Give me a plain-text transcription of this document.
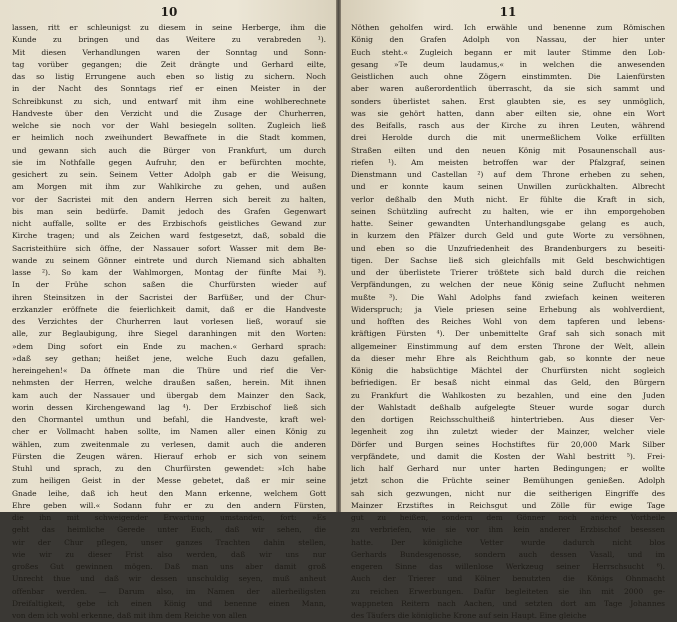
10
lassen, ritt er schleunigst zu diesem in seine Herberge, ihm die
Kunde zu bringen und das Weitere zu verabreden ¹).
Mit diesen Verhandlungen waren der Sonntag und Sonn-
tag vorüber gegangen; die Zeit drängte und Gerhard eilte,
das so listig Errungene auch eben so listig zu sichern. Noch
in der Nacht des Sonntags rief er einen Meister in der
Schreibkunst zu sich, und entwarf mit ihm eine wohlberechnete
Handveste über den Verzicht und die Zusage der Churherren,
welche sie noch vor der Wahl besiegeln sollten. Zugleich ließ
er heimlich noch zweihundert Bewaffnete in die Stadt kommen,
und gewann sich auch die Bürger von Frankfurt, um durch
sie im Nothfalle gegen Aufruhr, den er befürchten mochte,
gesichert zu sein. Seinem Vetter Adolph gab er die Weisung,
am Morgen mit ihm zur Wahlkirche zu gehen, und außen
vor der Sacristei mit den andern Herren sich bereit zu halten,
bis man sein bedürfe. Damit jedoch des Grafen Gegenwart
nicht auffalle, sollte er des Erzbischofs geistliches Gewand zur
Kirche tragen; und als Zeichen ward festgesetzt, daß, sobald die
Sacristeithüre sich öffne, der Nassauer sofort Wasser mit dem Be-
wande zu seinem Gönner eintrete und durch Niemand sich abhalten
lasse ²). So kam der Wahlmorgen, Montag der fünfte Mai ³).
In der Frühe schon saßen die Churfürsten wieder auf
ihren Steinsitzen in der Sacristei der Barfüßer, und der Chur-
erzkanzler eröffnete die feierlichkeit damit, daß er die Handveste
des Verzichtes der Churherren laut vorlesen ließ, worauf sie
alle, zur Beglaubigung, ihre Siegel daranhingen mit den Worten:
»dem Ding sofort ein Ende zu machen.« Gerhard sprach:
»daß sey gethan; heißet jene, welche Euch dazu gefallen,
hereingehen!« Da öffnete man die Thüre und rief die Ver-
nehmsten der Herren, welche draußen saßen, herein. Mit ihnen
kam auch der Nassauer und übergab dem Mainzer den Sack,
worin dessen Kirchengewand lag ⁴). Der Erzbischof ließ sich
den Chormantel umthun und befahl, die Handveste, kraft wel-
cher er Vollmacht haben sollte, im Namen aller einen König zu
wählen, zum zweitenmale zu verlesen, damit auch die anderen
Fürsten die Zeugen wären. Hierauf erhob er sich von seinem
Stuhl und sprach, zu den Churfürsten gewendet: »Ich habe
zum heiligen Geist in der Messe gebetet, daß er mir seine
Gnade leihe, daß ich heut den Mann erkenne, welchem Gott
Ehre geben will.« Sodann fuhr er zu den andern Fürsten,
die ihn mit schweigender Erwartung umstanden, fort: »Es
geht das heimliche Gerede unter Euch, daß wir sehen, die
wir der Chur pflegen, unser ganzes Trachten dahin stellen,
wie wir zu dieser Frist also werden, daß wir uns nur
großes Gut gewinnen mögen. Daß man uns aber damit groß
Unrecht thue und daß wir dessen unschuldig seyen, muß anheut
offenbar werden. — Darum also, im Namen der allerheiligsten
Dreifaltigkeit, gebe ich einen König und benenne einen Mann,
von dem ich wohl erkenne, daß mit ihm dem Reiche von allen
11
Nöthen geholfen wird. Ich erwähle und benenne zum Römischen
König den Grafen Adolph von Nassau, der hier unter
Euch steht.« Zugleich begann er mit lauter Stimme den Lob-
gesang »Te deum laudamus,« in welchen die anwesenden
Geistlichen auch ohne Zögern einstimmten. Die Laienfürsten
aber waren außerordentlich überrascht, da sie sich sammt und
sonders überlistet sahen. Erst glaubten sie, es sey unmöglich,
was sie gehört hatten, dann aber eilten sie, ohne ein Wort
des Beifalls, rasch aus der Kirche zu ihren Leuten, während
drei Herolde durch die mit unermeßlichem Volke erfüllten
Straßen eilten und den neuen König mit Posaunenschall aus-
riefen ¹). Am meisten betroffen war der Pfalzgraf, seinen
Dienstmann und Castellan ²) auf dem Throne erheben zu sehen,
und er konnte kaum seinen Unwillen zurückhalten. Albrecht
verlor deßhalb den Muth nicht. Er fühlte die Kraft in sich,
seinen Schützling aufrecht zu halten, wie er ihn emporgehoben
hatte. Seiner gewandten Unterhandlungsgabe gelang es auch,
in kurzem den Pfälzer durch Geld und gute Worte zu versöhnen,
und eben so die Unzufriedenheit des Brandenburgers zu beseiti-
tigen. Der Sachse ließ sich gleichfalls mit Geld beschwichtigen
und der überlistete Trierer trößtete sich bald durch die reichen
Verpfändungen, zu welchen der neue König seine Zuflucht nehmen
mußte ³). Die Wahl Adolphs fand zwiefach keinen weiteren
Widerspruch; ja Viele priesen seine Erhebung als wohlverdient,
und hofften des Reiches Wohl von dem tapferen und lebens-
kräftigen Fürsten ⁴). Der unbemittelte Graf sah sich sonach mit
allgemeiner Einstimmung auf dem ersten Throne der Welt, allein
da dieser mehr Ehre als Reichthum gab, so konnte der neue
König die habsüchtige Mächtel der Churfürsten nicht sogleich
befriedigen. Er besaß nicht einmal das Geld, den Bürgern
zu Frankfurt die Wahlkosten zu bezahlen, und eine den Juden
der Wahlstadt deßhalb aufgelegte Steuer wurde sogar durch
den dortigen Reichsschultheiß hintertrieben. Aus dieser Ver-
legenheit zog ihn zuletzt wieder der Mainzer, welcher viele
Dörfer und Burgen seines Hochstiftes für 20,000 Mark Silber
verpfändete, und damit die Kosten der Wahl bestritt ⁵). Frei-
lich half Gerhard nur unter harten Bedingungen; er wollte
jetzt schon die Früchte seiner Bemühungen genießen. Adolph
sah sich gezwungen, nicht nur die seitherigen Eingriffe des
Mainzer Erzstiftes in Reichsgut und Zölle für ewige Tage
gut zu heißen, sondern dem Gönner noch andere Vortheile
zu verbriefen, wie sie vor ihm kein anderer Erzbischof besessen
hatte. Der königliche Vetter wurde dadurch nicht blos
Gerhards Bundesgenosse, sondern auch dessen Vasall, und im
engeren Sinne das willenlose Werkzeug seiner Herrschsucht ⁶).
Auch der Trierer und Kölner benutzten die Königs Ohnmacht
zu reichen Erwerbungen. Dafür begleiteten sie ihn mit 2000 ge-
wappneten Reitern nach Aachen, und setzten dort am Tage Johannes
des Täufers die königliche Krone auf sein Haupt. Eine gleiche
